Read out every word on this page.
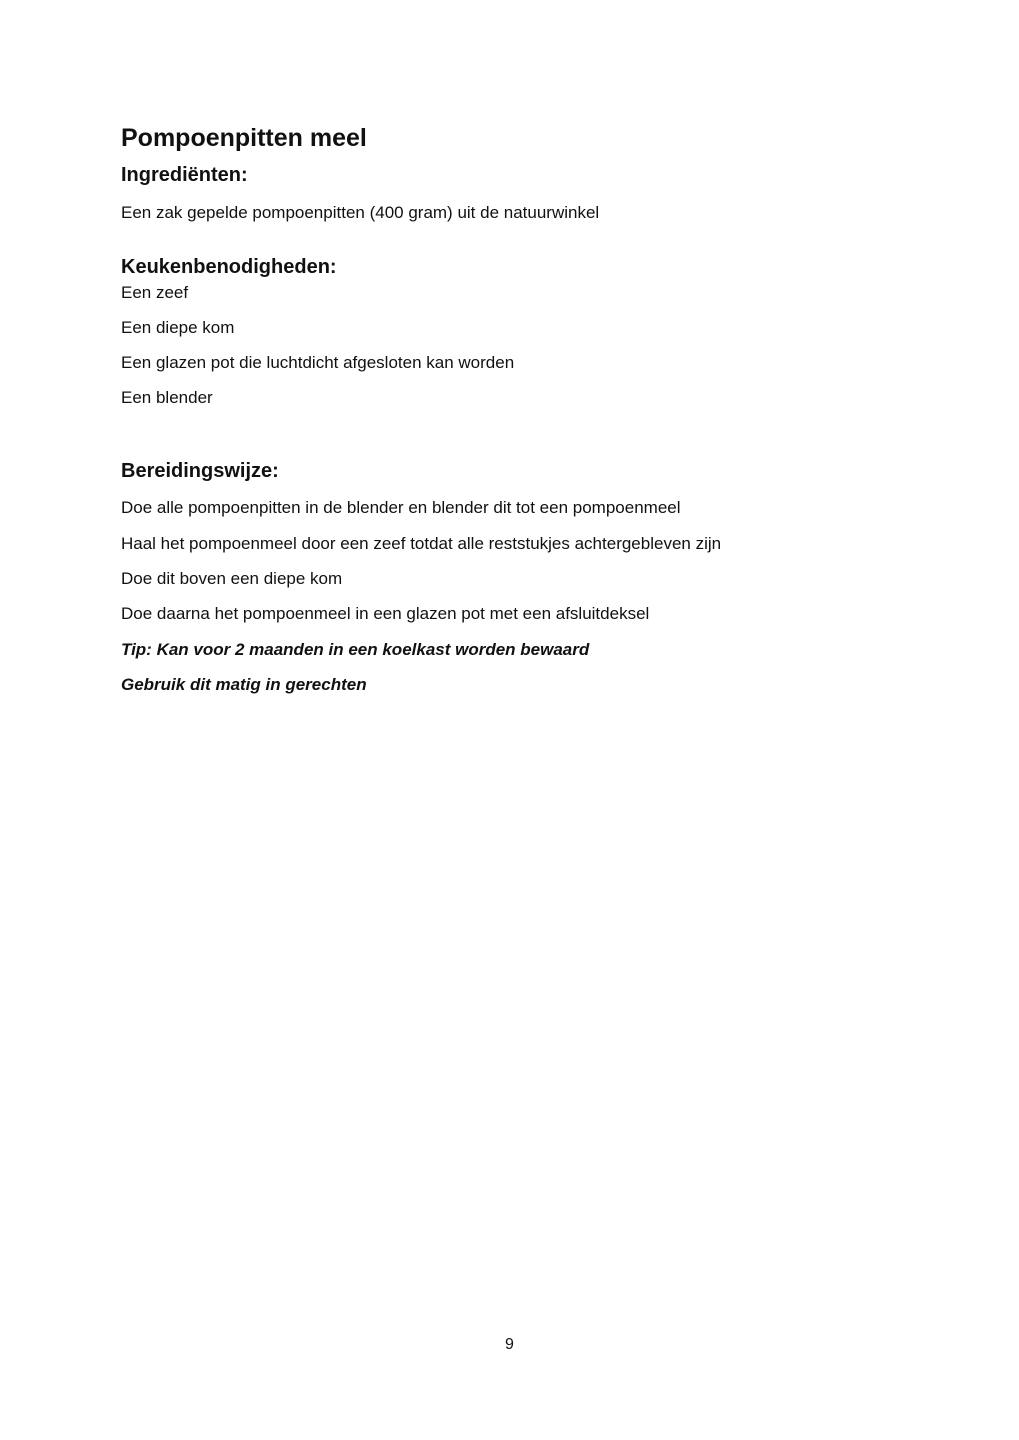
Pompoenpitten meel
Ingrediënten:

Een zak gepelde pompoenpitten (400 gram) uit de natuurwinkel

Keukenbenodigheden:

Een zeef

Een diepe kom

Een glazen pot die luchtdicht afgesloten kan worden

Een blender

Bereidingswijze:

Doe alle pompoenpitten in de blender en blender dit tot een pompoenmeel

Haal het pompoenmeel door een zeef totdat alle reststukjes achtergebleven zijn

Doe dit boven een diepe kom

Doe daarna het pompoenmeel in een glazen pot met een afsluitdeksel

Tip: Kan voor 2 maanden in een koelkast worden bewaard

Gebruik dit matig in gerechten

9
